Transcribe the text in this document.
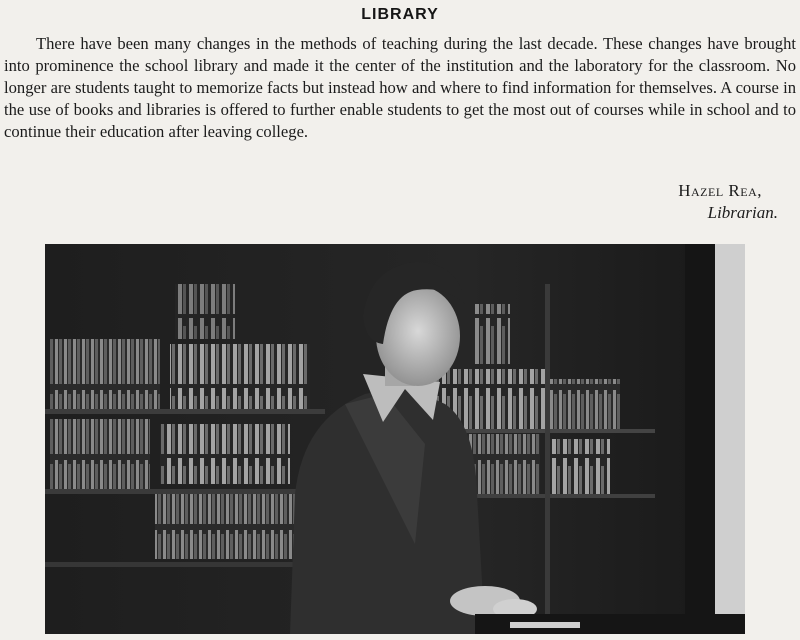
LIBRARY

There have been many changes in the methods of teaching during the last decade. These changes have brought into prominence the school library and made it the center of the institution and the laboratory for the classroom. No longer are students taught to memorize facts but instead how and where to find information for themselves. A course in the use of books and libraries is offered to further enable students to get the most out of courses while in school and to continue their education after leaving college.

Hazel Rea,
Librarian.
